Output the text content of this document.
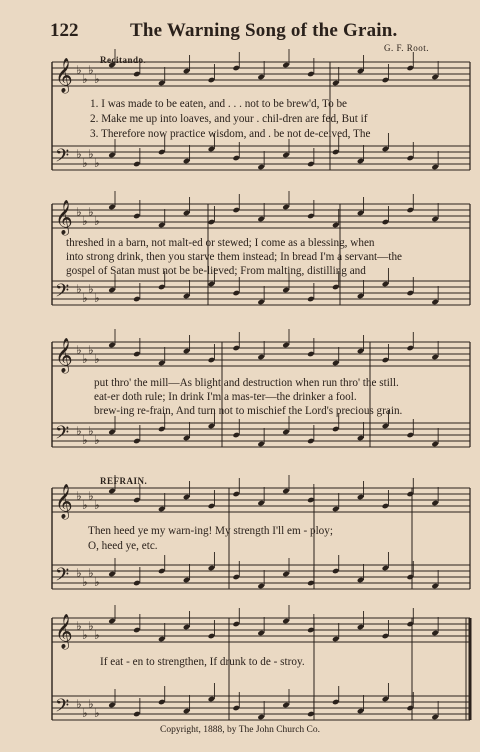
122	The Warning Song of the Grain.
G. F. Root.
𝄞 ♭
♭
♭
♭
𝄢 ♭
♭
♭
♭
𝄞 ♭
♭
♭
♭
𝄢 ♭
♭
♭
♭
𝄞 ♭
♭
♭
♭
𝄢 ♭
♭
♭
♭
𝄞 ♭
♭
♭
♭
𝄢 ♭
♭
♭
♭
𝄞 ♭
♭
♭
♭
𝄢 ♭
♭
♭
♭
Recitando.
REFRAIN.
1. I was made to be eaten, and . . . not to be brew'd, To be
2. Make me up into loaves, and your . chil-dren are fed, But if
3. Therefore now practice wisdom, and . be not de-ceived, The
threshed in a barn, not malt-ed or stewed; I come as a blessing, when
into strong drink, then you starve them instead; In bread I'm a servant—the
gospel of Satan must not be be-lieved; From malting, distilling and
put thro' the mill—As blight and destruction when run thro' the still.
eat-er doth rule; In drink I'm a mas-ter—the drinker a fool.
brew-ing re-frain, And turn not to mischief the Lord's precious grain.
Then heed ye my warn-ing! My strength I'll em - ploy;
O, heed ye, etc.
If eat - en to strengthen, If drunk to de - stroy.
Copyright, 1888, by The John Church Co.
